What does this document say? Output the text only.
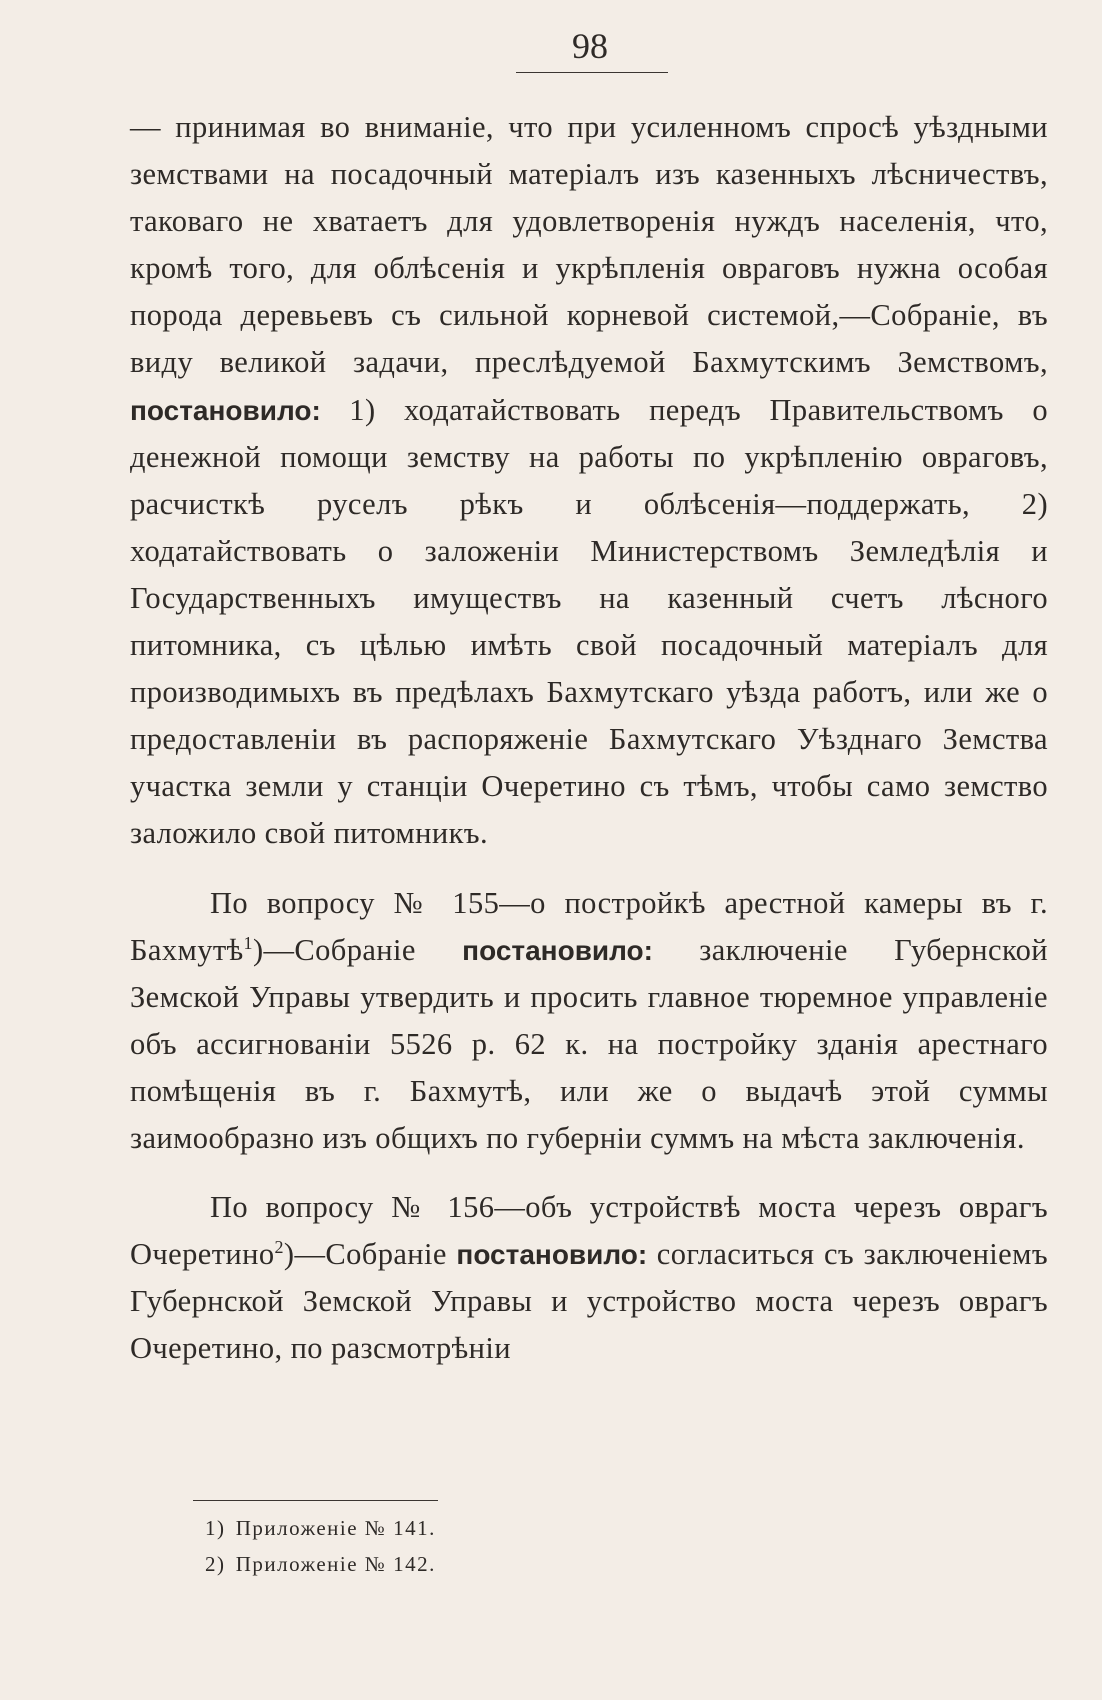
98

— принимая во вниманіе, что при усиленномъ спросѣ уѣздными земствами на посадочный матеріалъ изъ казенныхъ лѣсничествъ, таковаго не хватаетъ для удовлетворенія нуждъ населенія, что, кромѣ того, для облѣсенія и укрѣпленія овраговъ нужна особая порода деревьевъ съ сильной корневой системой,—Собраніе, въ виду великой задачи, преслѣдуемой Бахмутскимъ Земствомъ, постановило: 1) ходатайствовать передъ Правительствомъ о денежной помощи земству на работы по укрѣпленію овраговъ, расчисткѣ руселъ рѣкъ и облѣсенія—поддержать, 2) ходатайствовать о заложеніи Министерствомъ Земледѣлія и Государственныхъ имуществъ на казенный счетъ лѣсного питомника, съ цѣлью имѣть свой посадочный матеріалъ для производимыхъ въ предѣлахъ Бахмутскаго уѣзда работъ, или же о предоставленіи въ распоряженіе Бахмутскаго Уѣзднаго Земства участка земли у станціи Очеретино съ тѣмъ, чтобы само земство заложило свой питомникъ.

По вопросу № 155—о постройкѣ арестной камеры въ г. Бахмутѣ$^1$)—Собраніе постановило: заключеніе Губернской Земской Управы утвердить и просить главное тюремное управленіе объ ассигнованіи 5526 р. 62 к. на постройку зданія арестнаго помѣщенія въ г. Бахмутѣ, или же о выдачѣ этой суммы заимообразно изъ общихъ по губерніи суммъ на мѣста заключенія.

По вопросу № 156—объ устройствѣ моста черезъ оврагъ Очеретино$^2$)—Собраніе постановило: согласиться съ заключеніемъ Губернской Земской Управы и устройство моста черезъ оврагъ Очеретино, по разсмотрѣніи

1) Приложеніе № 141.

2) Приложеніе № 142.
